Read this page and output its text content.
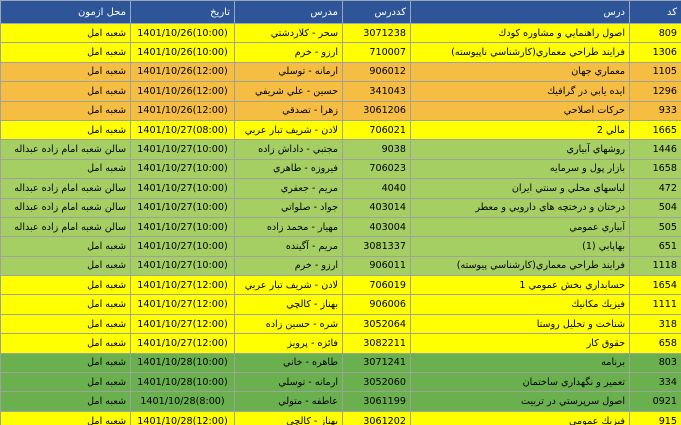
کد	درس	کددرس	مدرس	تاریخ	محل ازمون
809	اصول راهنمايي و مشاوره كودك	3071238	سحر - كلاردشتي	1401/10/26(10:00)	شعبه امل
1306	فرايند طراحي معماري(كارشناسي ناپيوسته)	710007	ارزو - خرم	1401/10/26(10:00)	شعبه امل
1105	معماري جهان	906012	ارمانه - توسلي	1401/10/26(12:00)	شعبه امل
1296	ايده يابي در گرافيك	341043	حسين - علي شريفي	1401/10/26(12:00)	شعبه امل
933	حركات اصلاحي	3061206	زهرا - تصدقي	1401/10/26(12:00)	شعبه امل
1665	مالي 2	706021	لادن - شريف تبار عربي	1401/10/27(08:00)	شعبه امل
1446	روشهاي آبياري	9038	مجتبي - داداش زاده	1401/10/27(10:00)	سالن شعبه امام زاده عبداله
1658	بازار پول و سرمايه	706023	فيروزه - طاهري	1401/10/27(10:00)	شعبه امل
472	لباسهاي محلي و سنتي ايران	4040	مريم - جعفري	1401/10/27(10:00)	سالن شعبه امام زاده عبداله
504	درختان و درختچه هاي دارويي و معطر	403014	جواد - صلواتي	1401/10/27(10:00)	سالن شعبه امام زاده عبداله
505	آبياري عمومي	403004	مهيار - محمد زاده	1401/10/27(10:00)	سالن شعبه امام زاده عبداله
651	بهاپابي (1)	3081337	مريم - آگينده	1401/10/27(10:00)	شعبه امل
1118	فرايند طراحي معماري(كارشناسي پيوسته)	906011	ارزو - خرم	1401/10/27(10:00)	شعبه امل
1654	حسابداري بخش عمومي 1	706019	لادن - شريف تبار عربي	1401/10/27(12:00)	شعبه امل
1111	فيزيك مكانيك	906006	بهناز - كالچي	1401/10/27(12:00)	شعبه امل
318	شناخت و تحليل روستا	3052064	شره - حسين زاده	1401/10/27(12:00)	شعبه امل
658	حقوق كار	3082211	فائزه - پرويز	1401/10/27(12:00)	شعبه امل
803	برنامه	3071241	طاهره - خاني	1401/10/28(10:00)	شعبه امل
334	تعمير و نگهداري ساختمان	3052060	ارمانه - توسلي	1401/10/28(10:00)	شعبه امل
0921	اصول سرپرستي در تربيت	3061199	عاطفه - متولي	1401/10/28(8:00)	شعبه امل
915	فيزيك عمومي	3061202	بهناز - كالچي	1401/10/28(12:00)	شعبه امل
